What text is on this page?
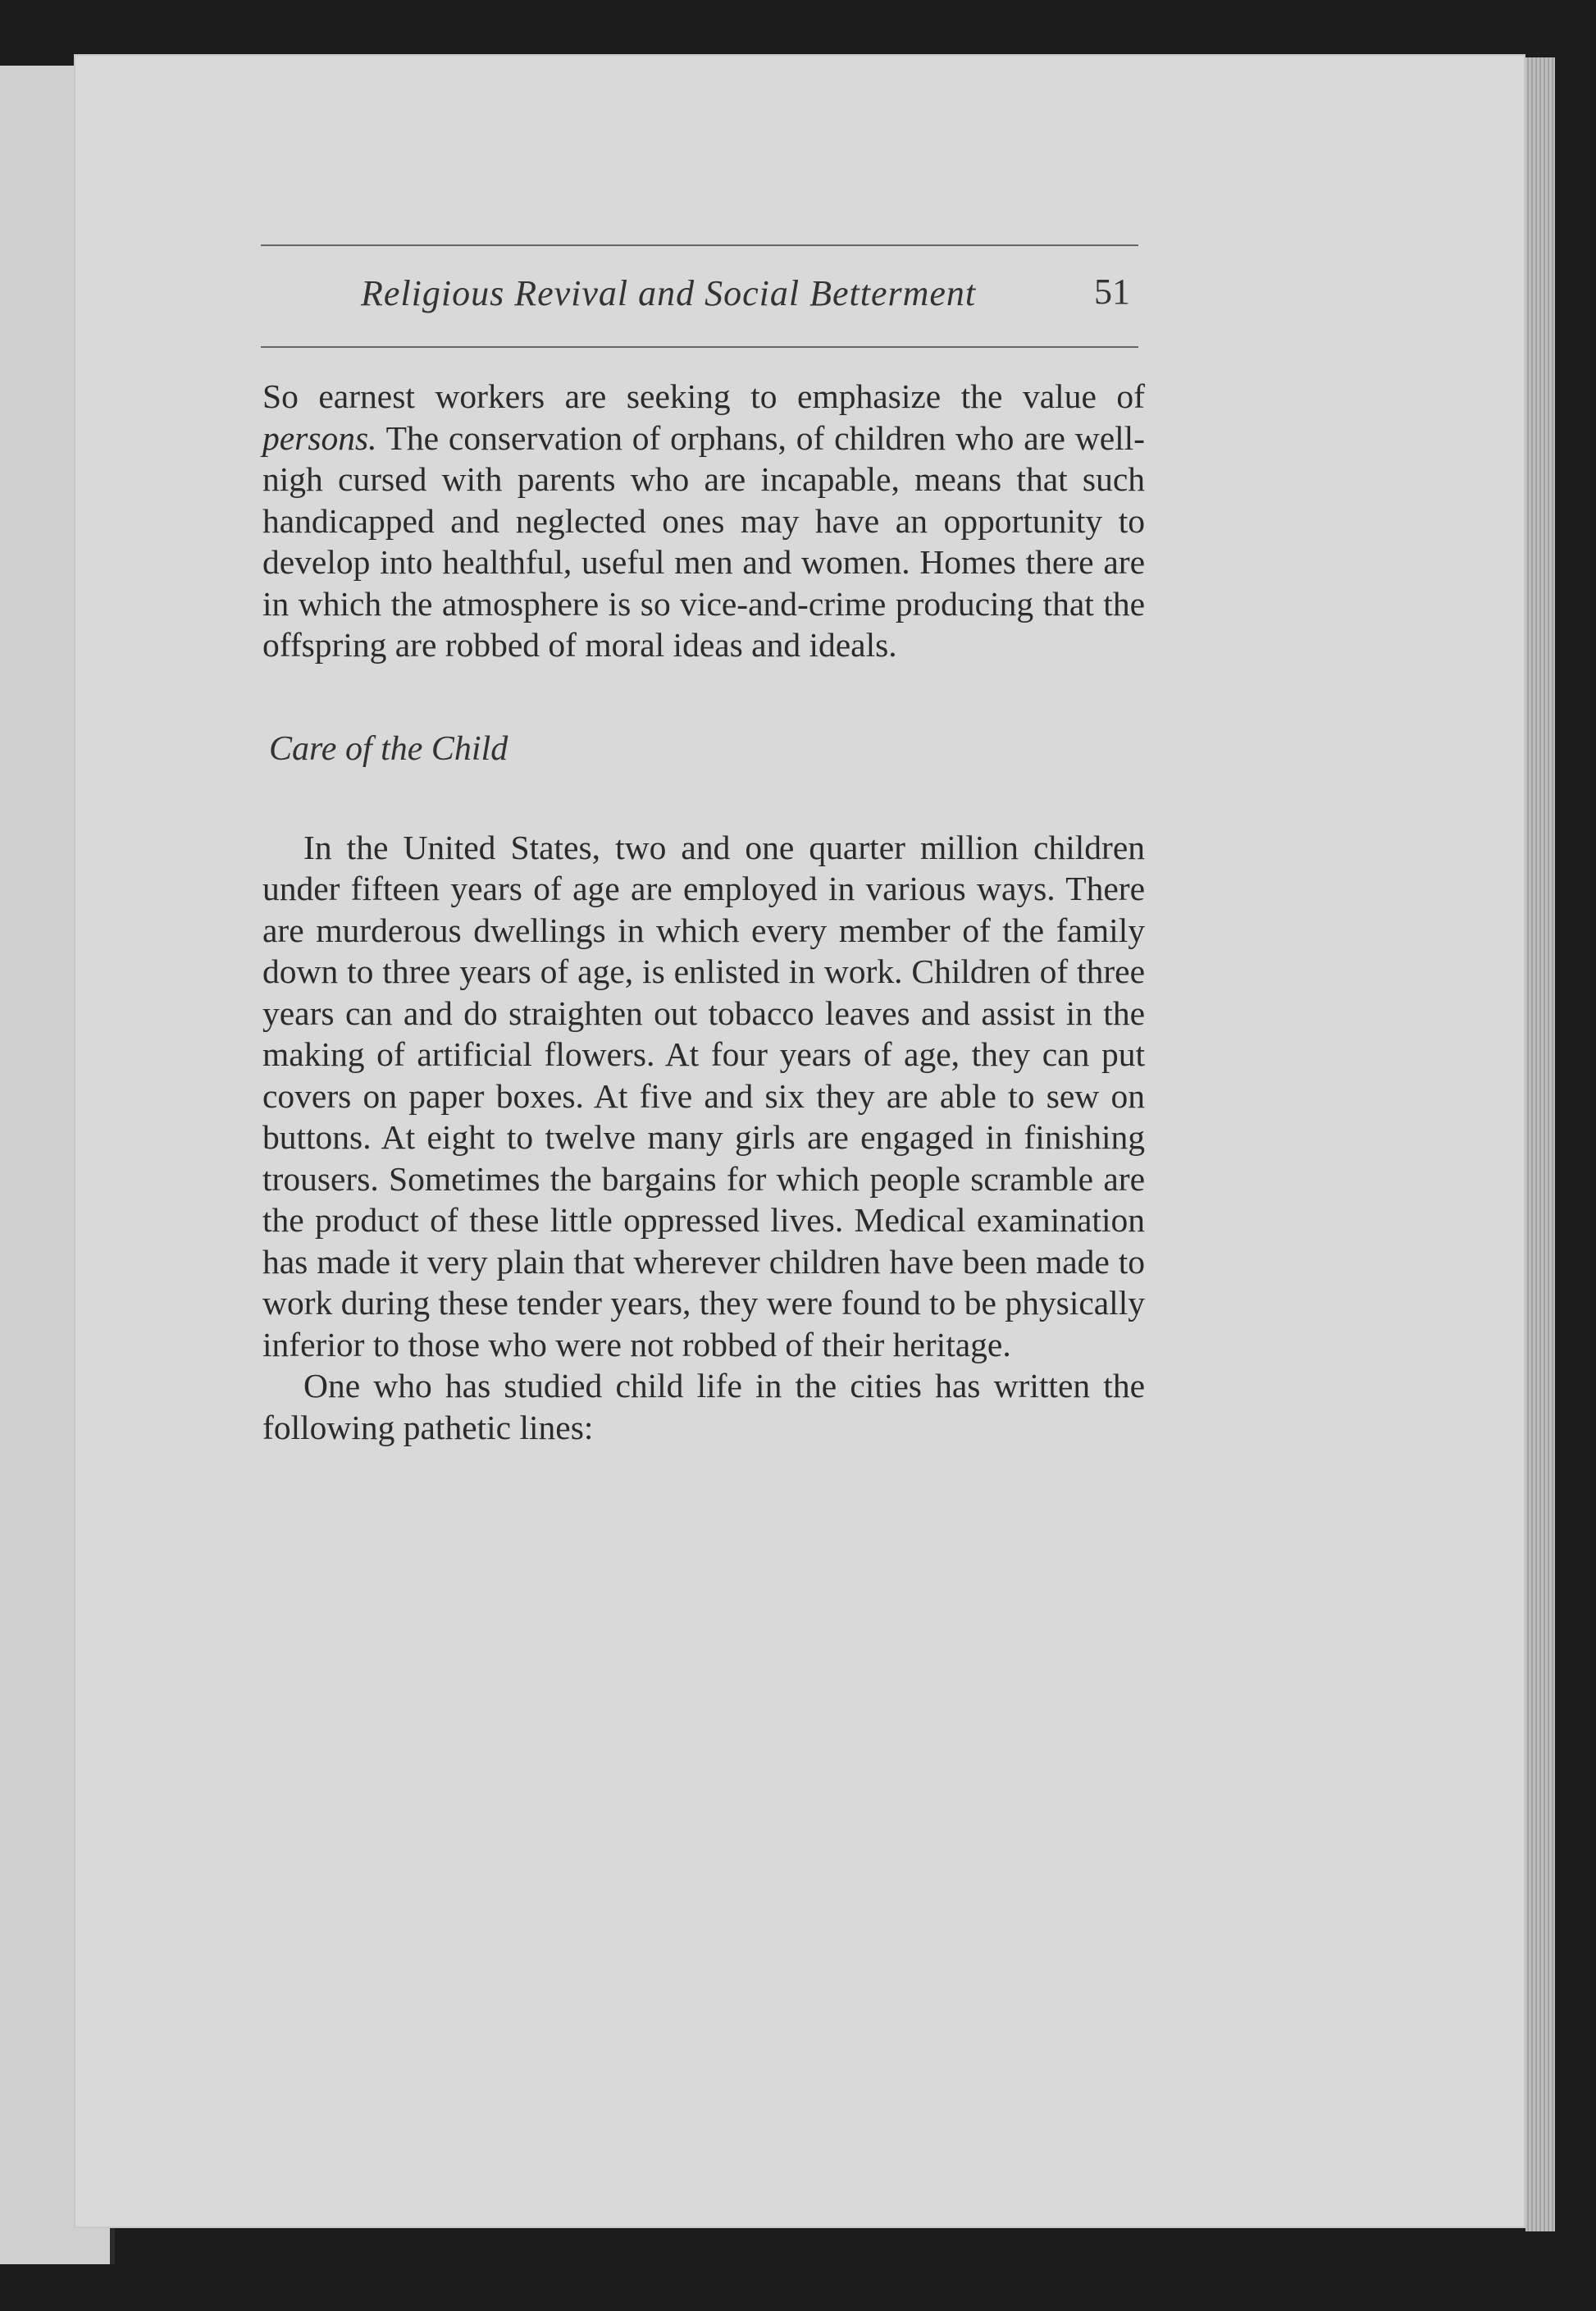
Religious Revival and Social Betterment	51

So earnest workers are seeking to emphasize the value of persons. The conservation of orphans, of children who are well-nigh cursed with parents who are incapable, means that such handicapped and neglected ones may have an opportunity to develop into healthful, useful men and women. Homes there are in which the atmosphere is so vice-and-crime producing that the offspring are robbed of moral ideas and ideals.

Care of the Child

In the United States, two and one quarter million children under fifteen years of age are employed in various ways. There are murderous dwellings in which every member of the family down to three years of age, is enlisted in work. Children of three years can and do straighten out tobacco leaves and assist in the making of artificial flowers. At four years of age, they can put covers on paper boxes. At five and six they are able to sew on buttons. At eight to twelve many girls are engaged in finishing trousers. Sometimes the bargains for which people scramble are the product of these little oppressed lives. Medical examination has made it very plain that wherever children have been made to work during these tender years, they were found to be physically inferior to those who were not robbed of their heritage.

One who has studied child life in the cities has written the following pathetic lines:
